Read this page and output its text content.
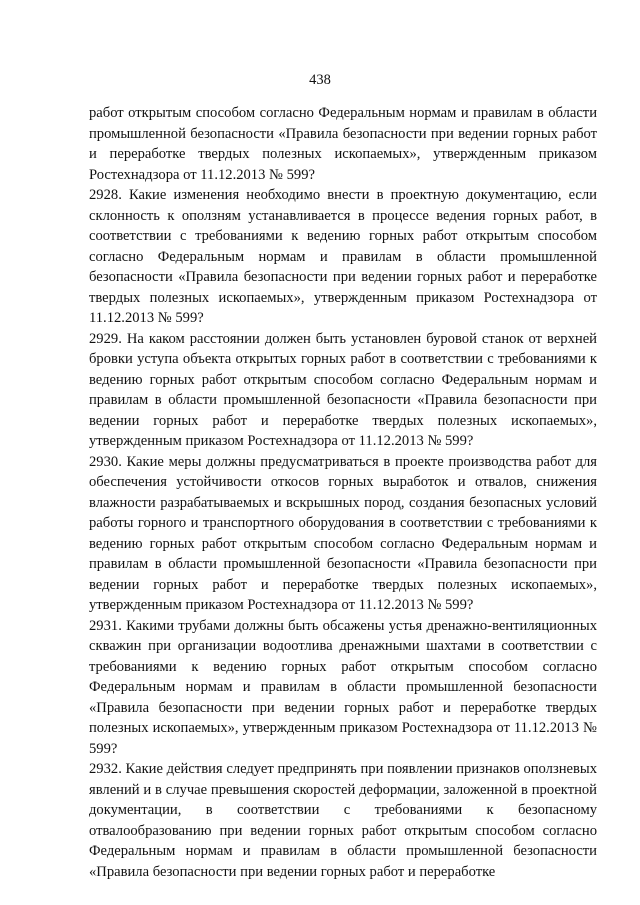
438

работ открытым способом согласно Федеральным нормам и правилам в области промышленной безопасности «Правила безопасности при ведении горных работ и переработке твердых полезных ископаемых», утвержденным приказом Ростехнадзора от 11.12.2013 № 599?

2928. Какие изменения необходимо внести в проектную документацию, если склонность к оползням устанавливается в процессе ведения горных работ, в соответствии с требованиями к ведению горных работ открытым способом согласно Федеральным нормам и правилам в области промышленной безопасности «Правила безопасности при ведении горных работ и переработке твердых полезных ископаемых», утвержденным приказом Ростехнадзора от 11.12.2013 № 599?

2929. На каком расстоянии должен быть установлен буровой станок от верхней бровки уступа объекта открытых горных работ в соответствии с требованиями к ведению горных работ открытым способом согласно Федеральным нормам и правилам в области промышленной безопасности «Правила безопасности при ведении горных работ и переработке твердых полезных ископаемых», утвержденным приказом Ростехнадзора от 11.12.2013 № 599?

2930. Какие меры должны предусматриваться в проекте производства работ для обеспечения устойчивости откосов горных выработок и отвалов, снижения влажности разрабатываемых и вскрышных пород, создания безопасных условий работы горного и транспортного оборудования в соответствии с требованиями к ведению горных работ открытым способом согласно Федеральным нормам и правилам в области промышленной безопасности «Правила безопасности при ведении горных работ и переработке твердых полезных ископаемых», утвержденным приказом Ростехнадзора от 11.12.2013 № 599?

2931. Какими трубами должны быть обсажены устья дренажно-вентиляционных скважин при организации водоотлива дренажными шахтами в соответствии с требованиями к ведению горных работ открытым способом согласно Федеральным нормам и правилам в области промышленной безопасности «Правила безопасности при ведении горных работ и переработке твердых полезных ископаемых», утвержденным приказом Ростехнадзора от 11.12.2013 № 599?

2932. Какие действия следует предпринять при появлении признаков оползневых явлений и в случае превышения скоростей деформации, заложенной в проектной документации, в соответствии с требованиями к безопасному отвалообразованию при ведении горных работ открытым способом согласно Федеральным нормам и правилам в области промышленной безопасности «Правила безопасности при ведении горных работ и переработке
